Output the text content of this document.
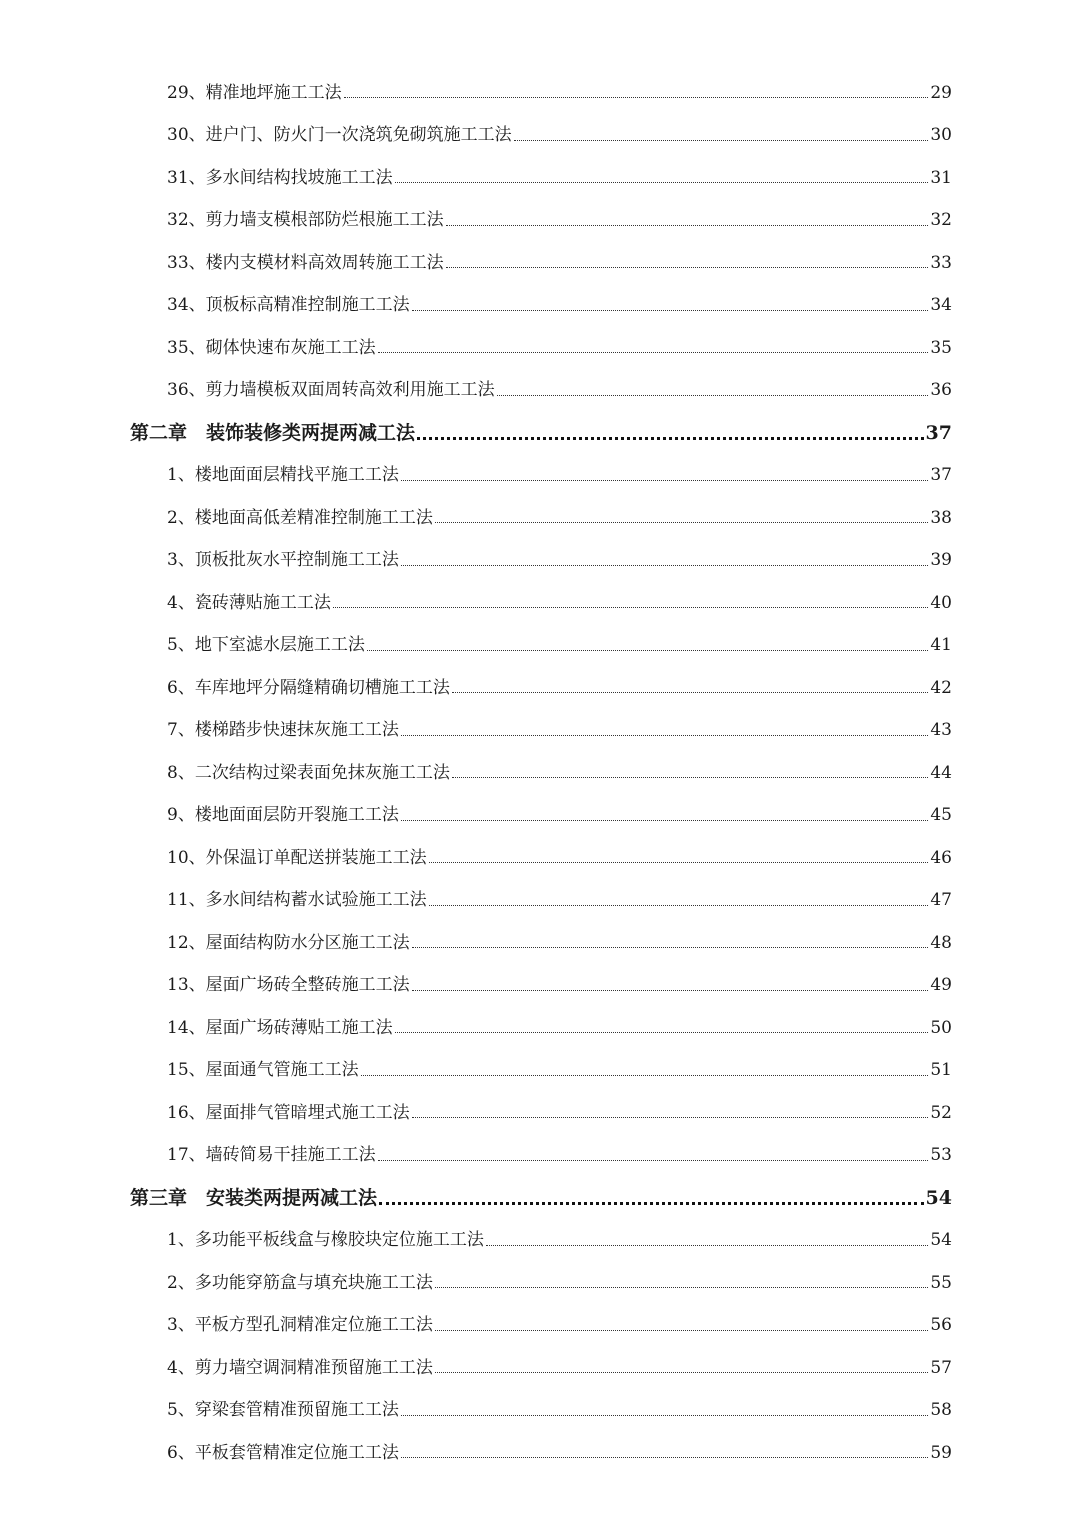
29、精准地坪施工工法	29
30、进户门、防火门一次浇筑免砌筑施工工法	30
31、多水间结构找坡施工工法	31
32、剪力墙支模根部防烂根施工工法	32
33、楼内支模材料高效周转施工工法	33
34、顶板标高精准控制施工工法	34
35、砌体快速布灰施工工法	35
36、剪力墙模板双面周转高效利用施工工法	36
第二章　装饰装修类两提两减工法	37
1、楼地面面层精找平施工工法	37
2、楼地面高低差精准控制施工工法	38
3、顶板批灰水平控制施工工法	39
4、瓷砖薄贴施工工法	40
5、地下室滤水层施工工法	41
6、车库地坪分隔缝精确切槽施工工法	42
7、楼梯踏步快速抹灰施工工法	43
8、二次结构过梁表面免抹灰施工工法	44
9、楼地面面层防开裂施工工法	45
10、外保温订单配送拼装施工工法	46
11、多水间结构蓄水试验施工工法	47
12、屋面结构防水分区施工工法	48
13、屋面广场砖全整砖施工工法	49
14、屋面广场砖薄贴工施工法	50
15、屋面通气管施工工法	51
16、屋面排气管暗埋式施工工法	52
17、墙砖简易干挂施工工法	53
第三章　安装类两提两减工法	54
1、多功能平板线盒与橡胶块定位施工工法	54
2、多功能穿筋盒与填充块施工工法	55
3、平板方型孔洞精准定位施工工法	56
4、剪力墙空调洞精准预留施工工法	57
5、穿梁套管精准预留施工工法	58
6、平板套管精准定位施工工法	59
